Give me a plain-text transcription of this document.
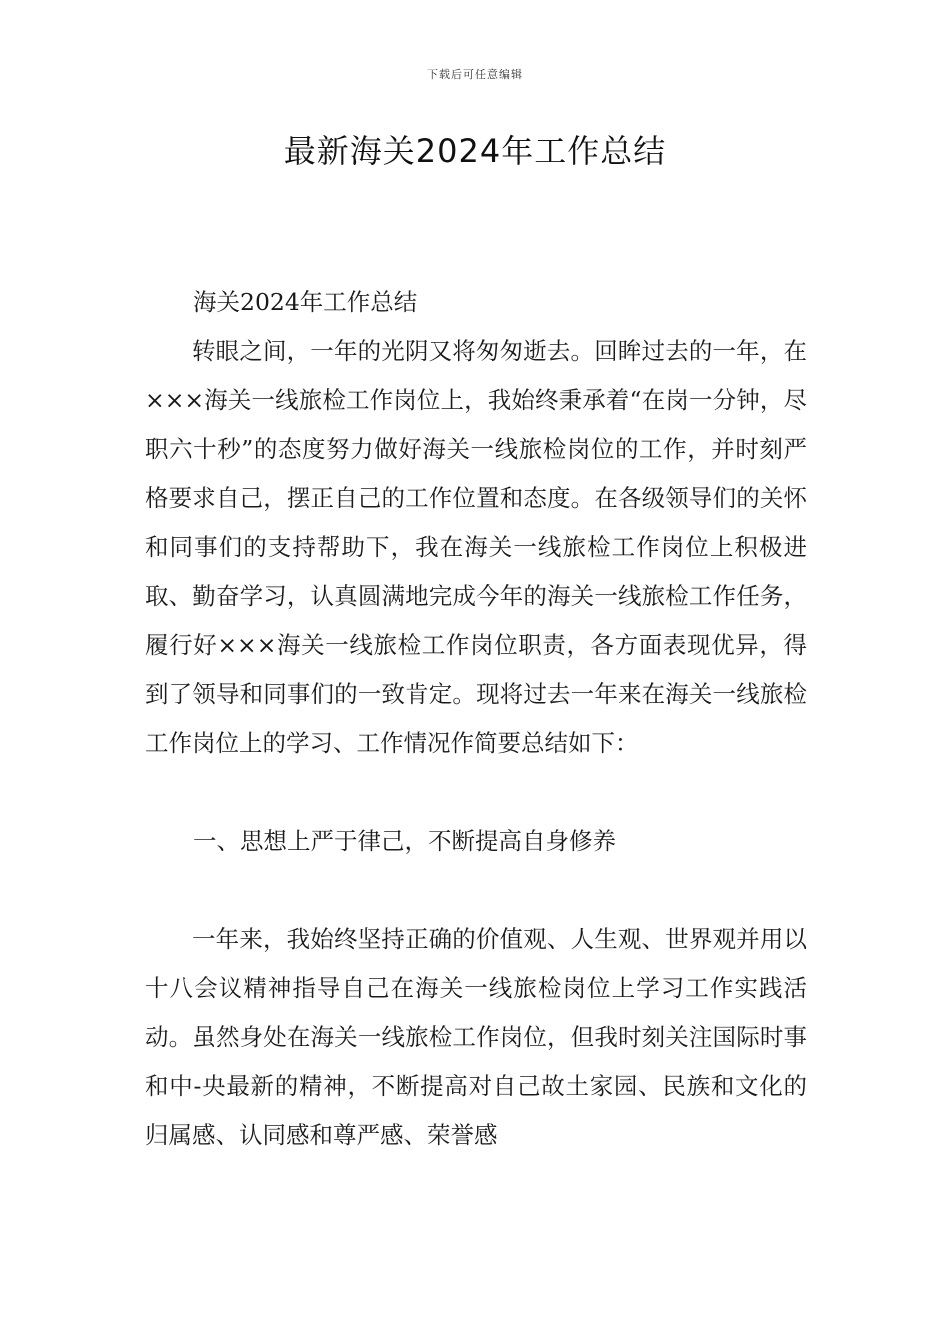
下载后可任意编辑
最新海关2024年工作总结

海关2024年工作总结

转眼之间，一年的光阴又将匆匆逝去。回眸过去的一年，在×××海关一线旅检工作岗位上，我始终秉承着“在岗一分钟，尽职六十秒”的态度努力做好海关一线旅检岗位的工作，并时刻严格要求自己，摆正自己的工作位置和态度。在各级领导们的关怀和同事们的支持帮助下，我在海关一线旅检工作岗位上积极进取、勤奋学习，认真圆满地完成今年的海关一线旅检工作任务，履行好×××海关一线旅检工作岗位职责，各方面表现优异，得到了领导和同事们的一致肯定。现将过去一年来在海关一线旅检工作岗位上的学习、工作情况作简要总结如下：

一、思想上严于律己，不断提高自身修养

一年来，我始终坚持正确的价值观、人生观、世界观并用以十八会议精神指导自己在海关一线旅检岗位上学习工作实践活动。虽然身处在海关一线旅检工作岗位，但我时刻关注国际时事和中-央最新的精神，不断提高对自己故土家园、民族和文化的归属感、认同感和尊严感、荣誉感
